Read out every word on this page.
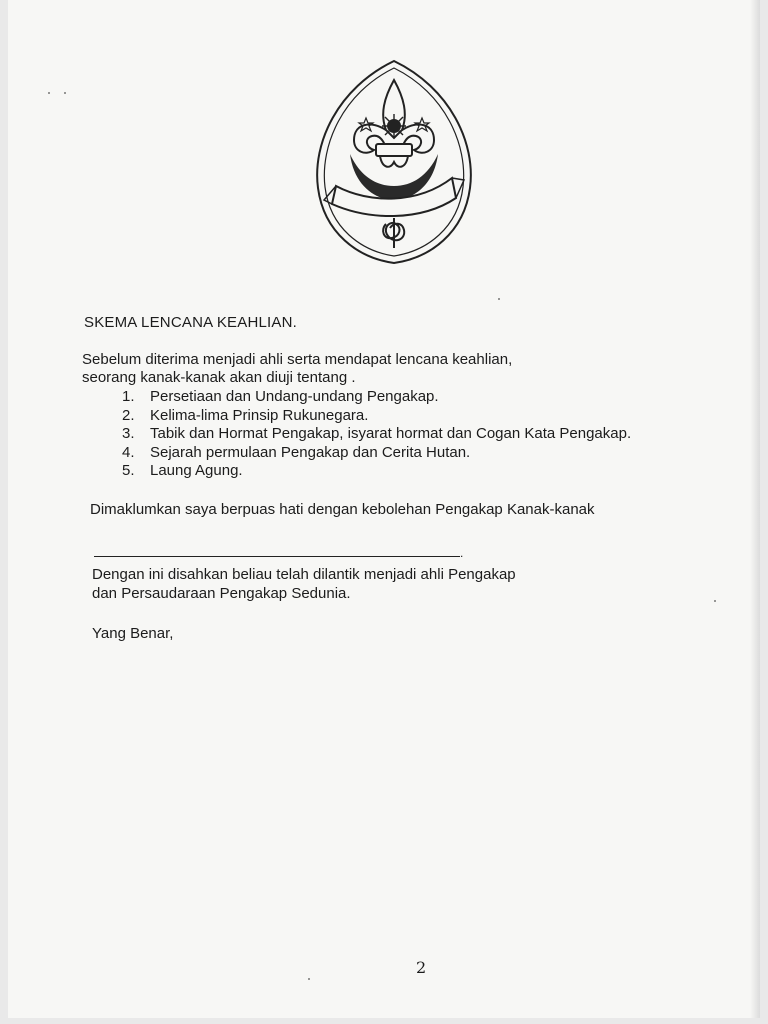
SKEMA LENCANA KEAHLIAN.
Sebelum diterima menjadi ahli serta mendapat lencana keahlian,
seorang kanak-kanak akan diuji tentang .
1.	Persetiaan dan Undang-undang Pengakap.
2.	Kelima-lima Prinsip Rukunegara.
3.	Tabik dan Hormat Pengakap, isyarat hormat dan Cogan Kata Pengakap.
4.	Sejarah permulaan Pengakap dan Cerita Hutan.
5.	Laung Agung.
Dimaklumkan saya berpuas hati dengan kebolehan Pengakap Kanak-kanak
.
Dengan ini disahkan beliau telah dilantik menjadi ahli Pengakap
dan Persaudaraan Pengakap Sedunia.
Yang Benar,
2
